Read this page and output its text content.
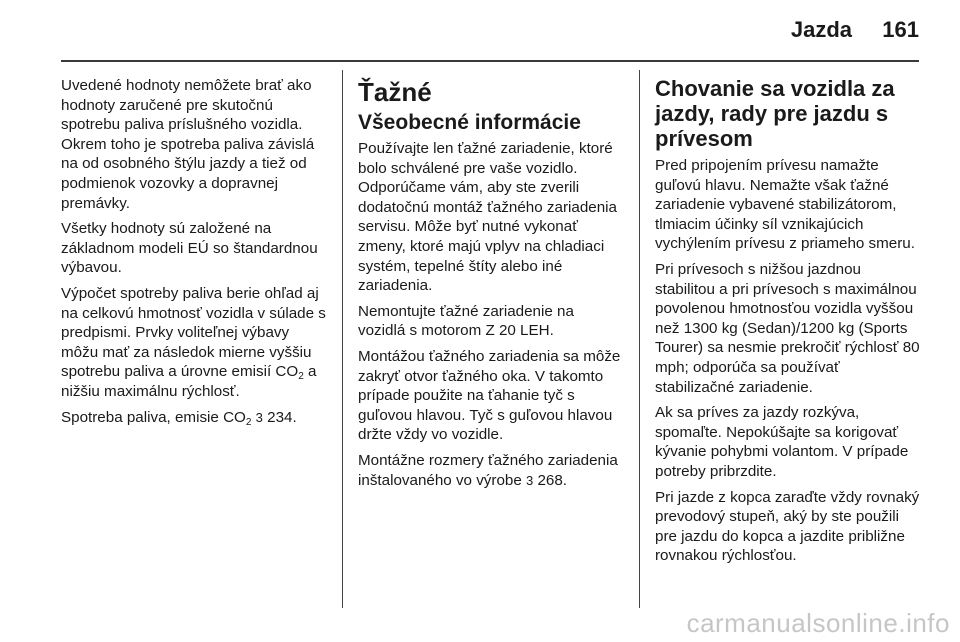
Jazda 161

Uvedené hodnoty nemôžete brať ako hodnoty zaručené pre skutočnú spotrebu paliva príslušného vozidla. Okrem toho je spotreba paliva závislá na od osobného štýlu jazdy a tiež od podmienok vozovky a dopravnej premávky.

Všetky hodnoty sú založené na základnom modeli EÚ so štandardnou výbavou.

Výpočet spotreby paliva berie ohľad aj na celkovú hmotnosť vozidla v súlade s predpismi. Prvky voliteľnej výbavy môžu mať za následok mierne vyššiu spotrebu paliva a úrovne emisií $CO_2$ a nižšiu maximálnu rýchlosť.

Spotreba paliva, emisie $CO_2$ 3 234.

Ťažné
Všeobecné informácie

Používajte len ťažné zariadenie, ktoré bolo schválené pre vaše vozidlo. Odporúčame vám, aby ste zverili dodatočnú montáž ťažného zariadenia servisu. Môže byť nutné vykonať zmeny, ktoré majú vplyv na chladiaci systém, tepelné štíty alebo iné zariadenia.

Nemontujte ťažné zariadenie na vozidlá s motorom Z 20 LEH.

Montážou ťažného zariadenia sa môže zakryť otvor ťažného oka. V takomto prípade použite na ťahanie tyč s guľovou hlavou. Tyč s guľovou hlavou držte vždy vo vozidle.

Montážne rozmery ťažného zariadenia inštalovaného vo výrobe 3 268.

Chovanie sa vozidla za jazdy, rady pre jazdu s prívesom

Pred pripojením prívesu namažte guľovú hlavu. Nemažte však ťažné zariadenie vybavené stabilizátorom, tlmiacim účinky síl vznikajúcich vychýlením prívesu z priameho smeru.

Pri prívesoch s nižšou jazdnou stabilitou a pri prívesoch s maximálnou povolenou hmotnosťou vozidla vyššou než 1300 kg (Sedan)/1200 kg (Sports Tourer) sa nesmie prekročiť rýchlosť 80 mph; odporúča sa používať stabilizačné zariadenie.

Ak sa príves za jazdy rozkýva, spomaľte. Nepokúšajte sa korigovať kývanie pohybmi volantom. V prípade potreby pribrzdite.

Pri jazde z kopca zaraďte vždy rovnaký prevodový stupeň, aký by ste použili pre jazdu do kopca a jazdite približne rovnakou rýchlosťou.

carmanualsonline.info
